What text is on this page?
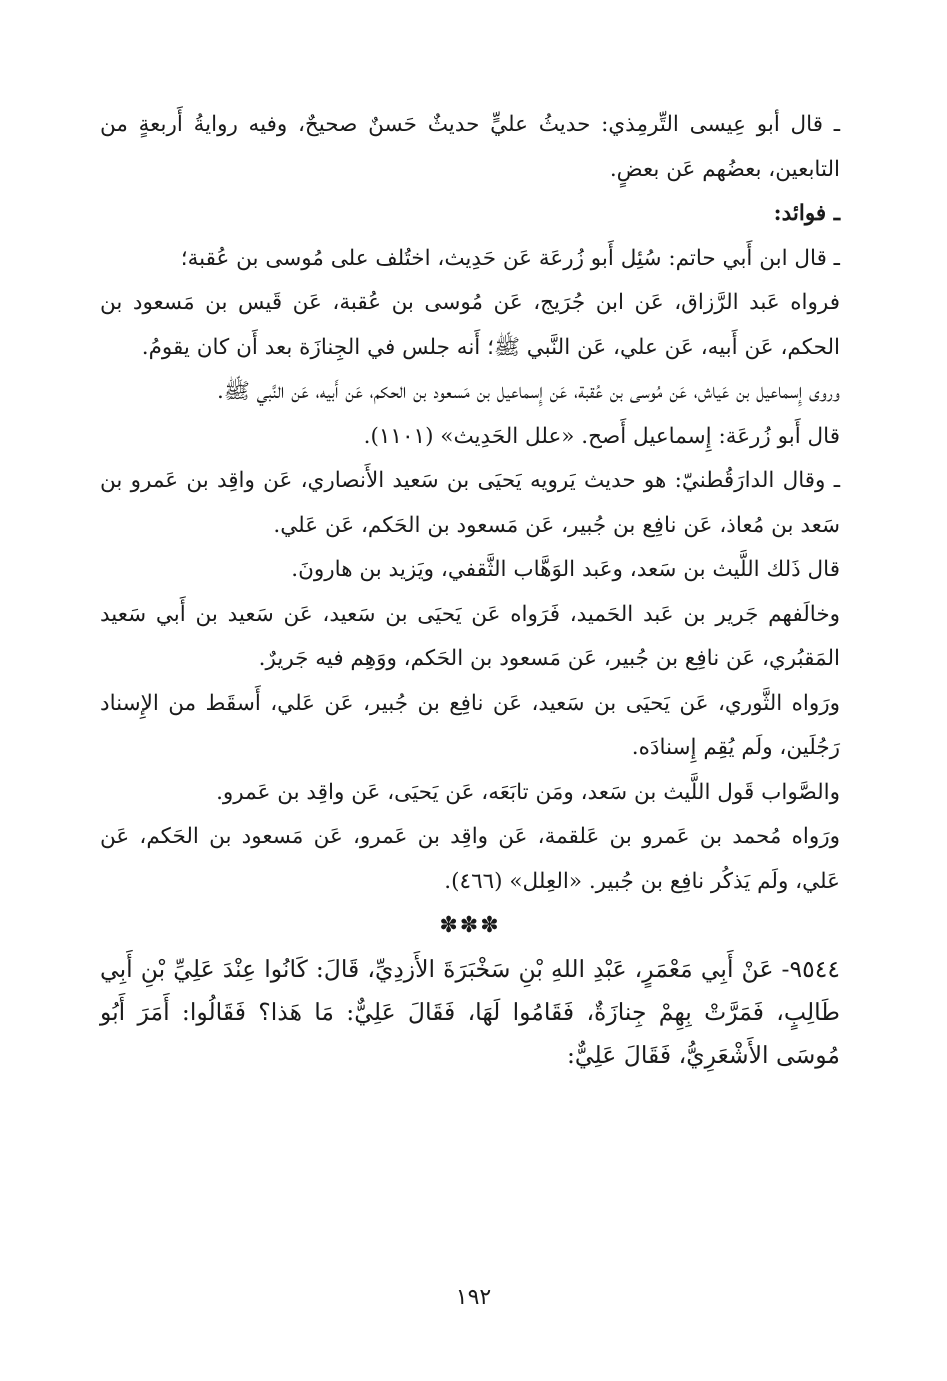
ـ قال أبو عِيسى التِّرمِذي: حديثُ عليٍّ حديثٌ حَسنٌ صحيحٌ، وفيه روايةُ أَربعةٍ من التابعين، بعضُهم عَن بعضٍ.

ـ فوائد:

ـ قال ابن أَبي حاتم: سُئِل أَبو زُرعَة عَن حَدِيث، اختُلف على مُوسى بن عُقبة؛

فرواه عَبد الرَّزاق، عَن ابن جُرَيج، عَن مُوسى بن عُقبة، عَن قَيس بن مَسعود بن الحكم، عَن أَبيه، عَن علي، عَن النَّبي ﷺ؛ أَنه جلس في الجِنازَة بعد أَن كان يقومُ.

وروى إِسماعيل بن عَياش، عَن مُوسى بن عُقبة، عَن إِسماعيل بن مَسعود بن الحكم، عَن أَبيه، عَن النَّبي ﷺ.

قال أَبو زُرعَة: إِسماعيل أَصح. «علل الحَدِيث» (١١٠١).

ـ وقال الدارَقُطنيّ: هو حديث يَرويه يَحيَى بن سَعيد الأَنصاري، عَن واقِد بن عَمرو بن سَعد بن مُعاذ، عَن نافِع بن جُبير، عَن مَسعود بن الحَكم، عَن عَلي.

قال ذَلك اللَّيث بن سَعد، وعَبد الوَهَّاب الثَّقفي، ويَزيد بن هارونَ.

وخالَفهم جَرير بن عَبد الحَميد، فَرَواه عَن يَحيَى بن سَعيد، عَن سَعيد بن أَبي سَعيد المَقبُري، عَن نافِع بن جُبير، عَن مَسعود بن الحَكم، ووَهِم فيه جَريرٌ.

ورَواه الثَّوري، عَن يَحيَى بن سَعيد، عَن نافِع بن جُبير، عَن عَلي، أَسقَط من الإِسناد رَجُلَين، ولَم يُقِم إِسنادَه.

والصَّواب قَول اللَّيث بن سَعد، ومَن تابَعَه، عَن يَحيَى، عَن واقِد بن عَمرو.

ورَواه مُحمد بن عَمرو بن عَلقمة، عَن واقِد بن عَمرو، عَن مَسعود بن الحَكم، عَن عَلي، ولَم يَذكُر نافِع بن جُبير. «العِلل» (٤٦٦).

✽✽✽

٩٥٤٤- عَنْ أَبِي مَعْمَرٍ، عَبْدِ اللهِ بْنِ سَخْبَرَةَ الأَزدِيِّ، قَالَ: كَانُوا عِنْدَ عَلِيِّ بْنِ أَبِي طَالِبٍ، فَمَرَّتْ بِهِمْ جِنازَةٌ، فَقَامُوا لَهَا، فَقَالَ عَلِيٌّ: مَا هَذا؟ فَقَالُوا: أَمَرَ أَبُو مُوسَى الأَشْعَرِيُّ، فَقَالَ عَلِيٌّ:

١٩٢
